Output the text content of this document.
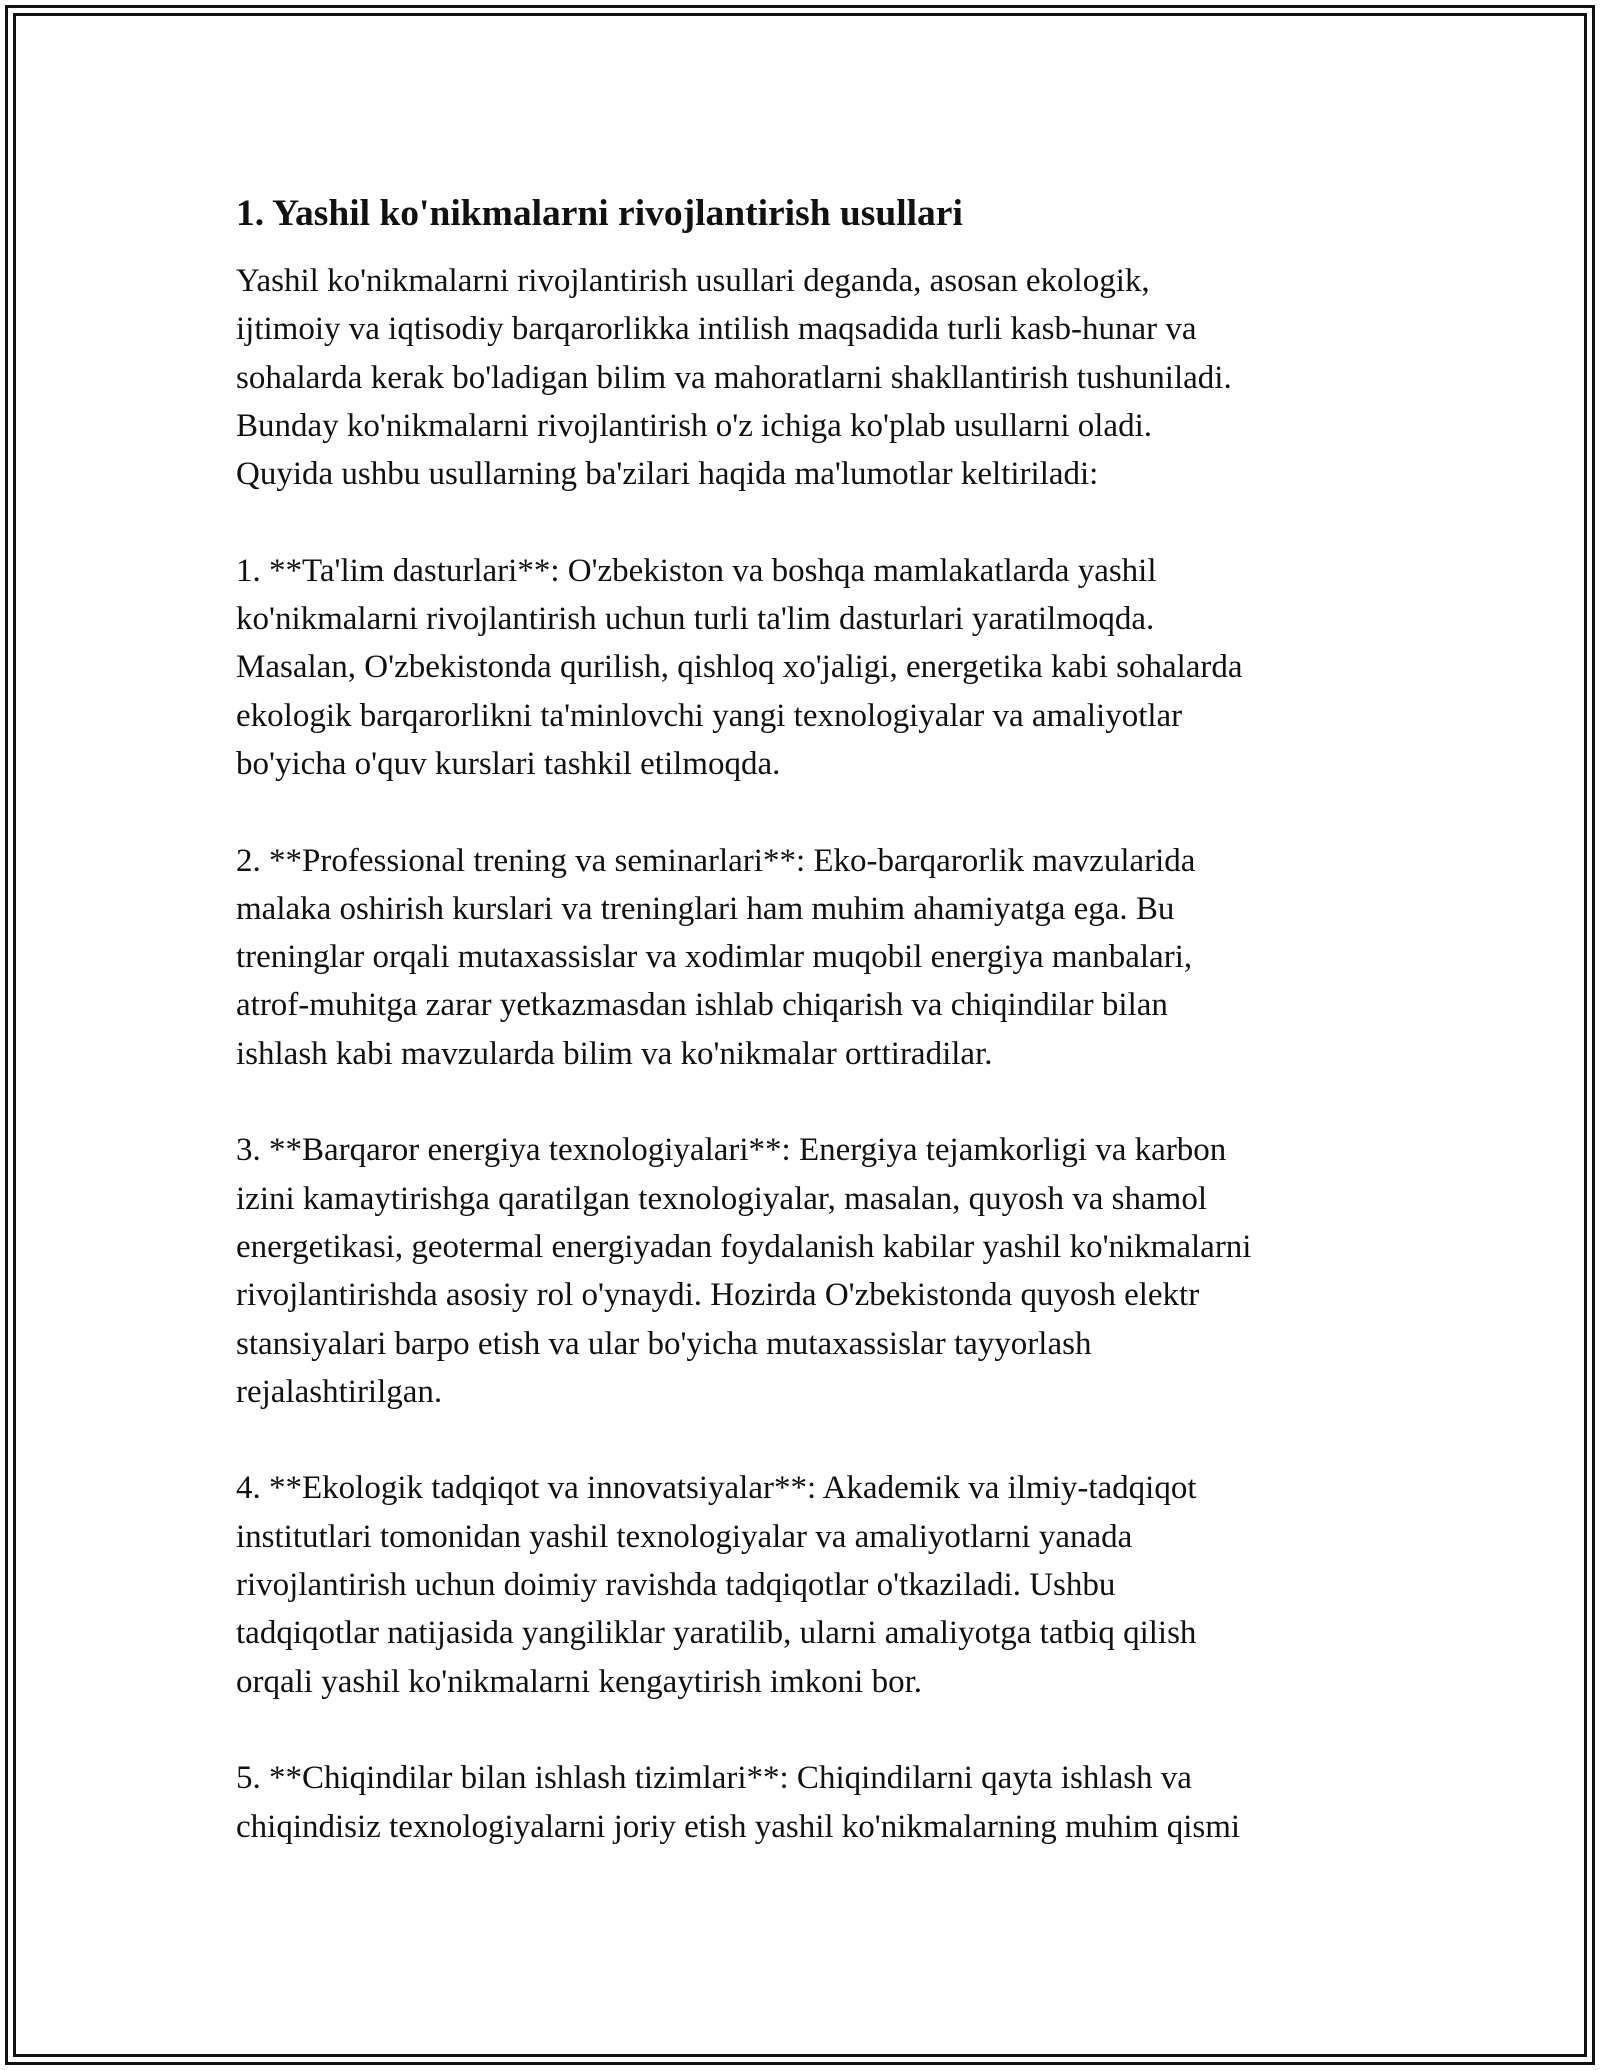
1. Yashil ko'nikmalarni rivojlantirish usullari

Yashil ko'nikmalarni rivojlantirish usullari deganda, asosan ekologik,
ijtimoiy va iqtisodiy barqarorlikka intilish maqsadida turli kasb-hunar va
sohalarda kerak bo'ladigan bilim va mahoratlarni shakllantirish tushuniladi.
Bunday ko'nikmalarni rivojlantirish o'z ichiga ko'plab usullarni oladi.
Quyida ushbu usullarning ba'zilari haqida ma'lumotlar keltiriladi:

1. **Ta'lim dasturlari**: O'zbekiston va boshqa mamlakatlarda yashil
ko'nikmalarni rivojlantirish uchun turli ta'lim dasturlari yaratilmoqda.
Masalan, O'zbekistonda qurilish, qishloq xo'jaligi, energetika kabi sohalarda
ekologik barqarorlikni ta'minlovchi yangi texnologiyalar va amaliyotlar
bo'yicha o'quv kurslari tashkil etilmoqda.

2. **Professional trening va seminarlari**: Eko-barqarorlik mavzularida
malaka oshirish kurslari va treninglari ham muhim ahamiyatga ega. Bu
treninglar orqali mutaxassislar va xodimlar muqobil energiya manbalari,
atrof-muhitga zarar yetkazmasdan ishlab chiqarish va chiqindilar bilan
ishlash kabi mavzularda bilim va ko'nikmalar orttiradilar.

3. **Barqaror energiya texnologiyalari**: Energiya tejamkorligi va karbon
izini kamaytirishga qaratilgan texnologiyalar, masalan, quyosh va shamol
energetikasi, geotermal energiyadan foydalanish kabilar yashil ko'nikmalarni
rivojlantirishda asosiy rol o'ynaydi. Hozirda O'zbekistonda quyosh elektr
stansiyalari barpo etish va ular bo'yicha mutaxassislar tayyorlash
rejalashtirilgan.

4. **Ekologik tadqiqot va innovatsiyalar**: Akademik va ilmiy-tadqiqot
institutlari tomonidan yashil texnologiyalar va amaliyotlarni yanada
rivojlantirish uchun doimiy ravishda tadqiqotlar o'tkaziladi. Ushbu
tadqiqotlar natijasida yangiliklar yaratilib, ularni amaliyotga tatbiq qilish
orqali yashil ko'nikmalarni kengaytirish imkoni bor.

5. **Chiqindilar bilan ishlash tizimlari**: Chiqindilarni qayta ishlash va
chiqindisiz texnologiyalarni joriy etish yashil ko'nikmalarning muhim qismi
